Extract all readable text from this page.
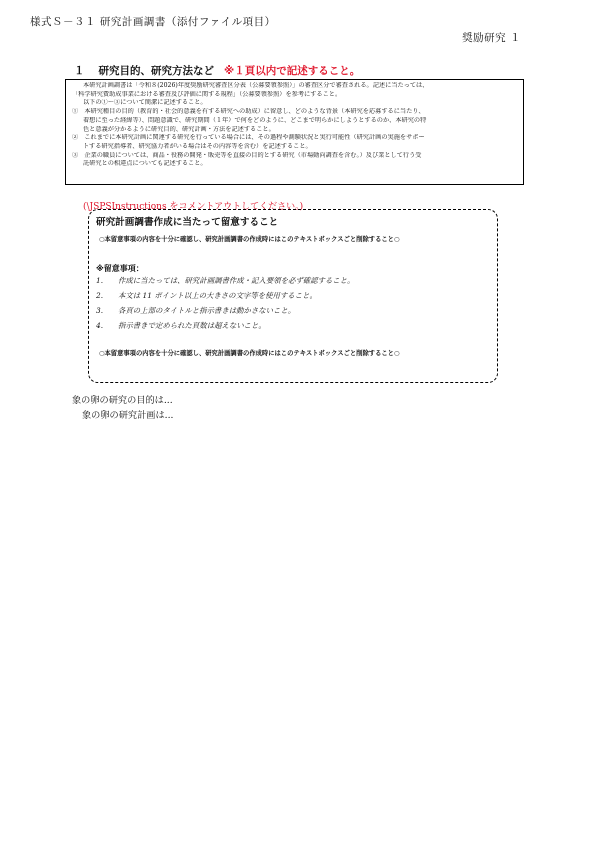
様式Ｓ－３１ 研究計画調書（添付ファイル項目）
奨励研究 １
１ 研究目的、研究方法など ※１頁以内で記述すること。
本研究計画調書は「令和８(2026)年度奨励研究審査区分表（公募要領参照）」の審査区分で審査される。記述に当たっては、
「科学研究費助成事業における審査及び評価に関する規程」（公募要領参照）を参考にすること。
以下の①～③について簡潔に記述すること。
①　本研究種目の目的（教育的・社会的意義を有する研究への助成）に留意し、どのような背景（本研究を応募するに当たり、
着想に至った経緯等）、問題意識で、研究期間（１年）で何をどのように、どこまで明らかにしようとするのか、本研究の特
色と意義が分かるように研究目的、研究計画・方法を記述すること。
②　これまでに本研究計画に関連する研究を行っている場合には、その過程や測験状況と実行可能性（研究計画の実施をサポー
トする研究指導者、研究協力者がいる場合はその内容等を含む）を記述すること。
③　企業の職員については、商品・役務の開発・販売等を直接の目的とする研究（市場動向調査を含む。）及び業として行う受
託研究との相違点についても記述すること。
(\JSPSInstructions をコメントアウトしてください。)
研究計画調書作成に当たって留意すること
○本留意事項の内容を十分に確認し、研究計画調書の作成時にはこのテキストボックスごと削除すること○
※留意事項：
1. 作成に当たっては、研究計画調書作成・記入要領を必ず確認すること。
2. 本文は 11 ポイント以上の大きさの文字等を使用すること。
3. 各頁の上部のタイトルと指示書きは動かさないこと。
4. 指示書きで定められた頁数は超えないこと。
○本留意事項の内容を十分に確認し、研究計画調書の作成時にはこのテキストボックスごと削除すること○
象の卵の研究の目的は...
象の卵の研究計画は...
